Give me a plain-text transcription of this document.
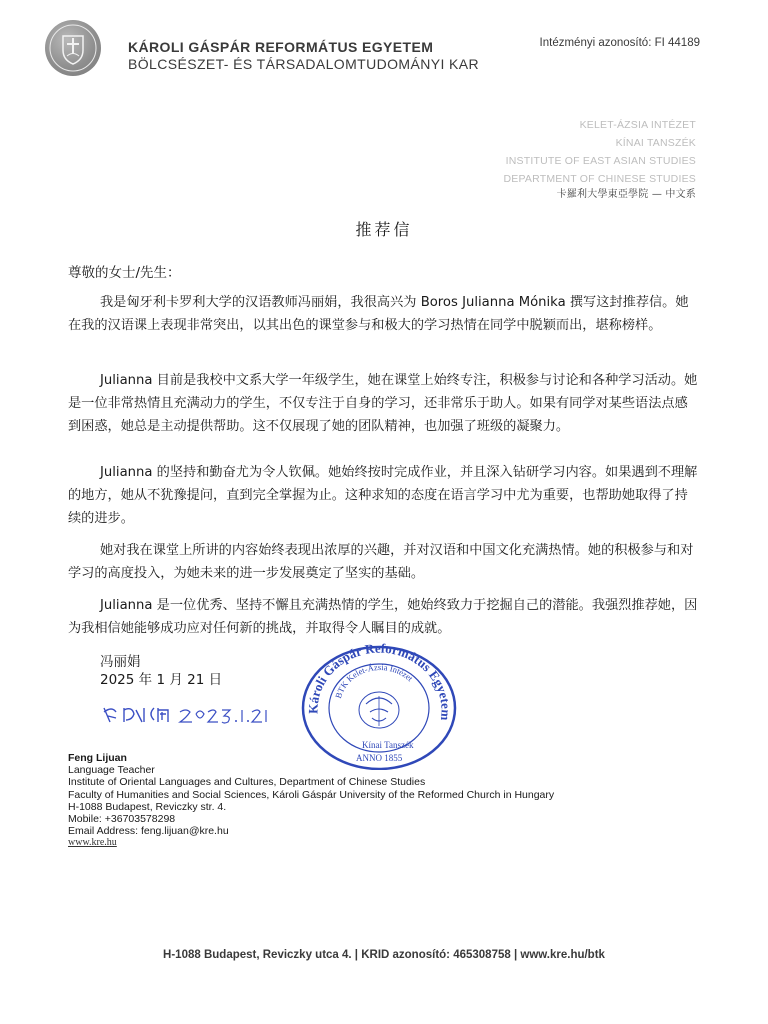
KÁROLI GÁSPÁR REFORMÁTUS EGYETEM
BÖLCSÉSZET- ÉS TÁRSADALOMTUDOMÁNYI KAR
Intézményi azonosító: FI 44189
KELET-ÁZSIA INTÉZET
KÍNAI TANSZÉK
INSTITUTE OF EAST ASIAN STUDIES
DEPARTMENT OF CHINESE STUDIES
卡羅利大學東亞學院 — 中文系
推荐信
尊敬的女士/先生：

我是匈牙利卡罗利大学的汉语教师冯丽娟，我很高兴为 Boros Julianna Mónika 撰写这封推荐信。她在我的汉语课上表现非常突出，以其出色的课堂参与和极大的学习热情在同学中脱颖而出，堪称榜样。

Julianna 目前是我校中文系大学一年级学生，她在课堂上始终专注，积极参与讨论和各种学习活动。她是一位非常热情且充满动力的学生，不仅专注于自身的学习，还非常乐于助人。如果有同学对某些语法点感到困惑，她总是主动提供帮助。这不仅展现了她的团队精神，也加强了班级的凝聚力。

Julianna 的坚持和勤奋尤为令人钦佩。她始终按时完成作业，并且深入钻研学习内容。如果遇到不理解的地方，她从不犹豫提问，直到完全掌握为止。这种求知的态度在语言学习中尤为重要，也帮助她取得了持续的进步。

她对我在课堂上所讲的内容始终表现出浓厚的兴趣，并对汉语和中国文化充满热情。她的积极参与和对学习的高度投入，为她未来的进一步发展奠定了坚实的基础。

Julianna 是一位优秀、坚持不懈且充满热情的学生，她始终致力于挖掘自己的潜能。我强烈推荐她，因为我相信她能够成功应对任何新的挑战，并取得令人瞩目的成就。

冯丽娟
2025 年 1 月 21 日
Károli Gáspár Református Egyetem
BTK Kelet-Ázsia Intézet
Kínai Tanszék
ANNO 1855
Feng Lijuan
Language Teacher
Institute of Oriental Languages and Cultures, Department of Chinese Studies
Faculty of Humanities and Social Sciences, Károli Gáspár University of the Reformed Church in Hungary
H-1088 Budapest, Reviczky str. 4.
Mobile: +36703578298
Email Address: feng.lijuan@kre.hu
www.kre.hu
H-1088 Budapest, Reviczky utca 4. | KRID azonosító: 465308758 | www.kre.hu/btk
